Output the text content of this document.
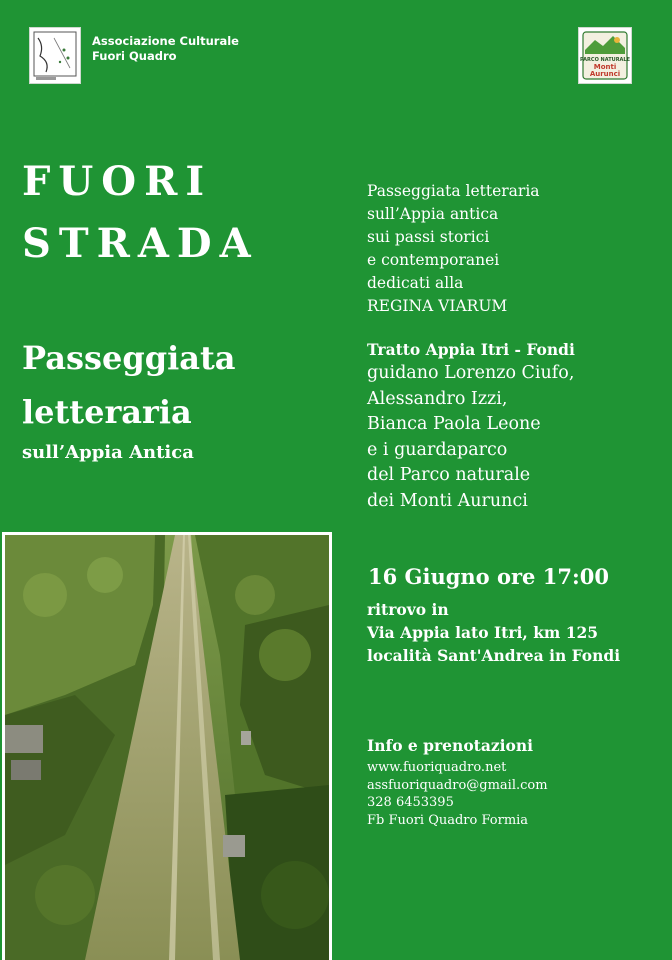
Associazione Culturale
Fuori Quadro	PARCO NATURALE
Monti
Aurunci
FUORI
STRADA
Passeggiata
letteraria
sull’Appia Antica
Passeggiata letteraria
sull’Appia antica
sui passi storici
e contemporanei
dedicati alla
REGINA VIARUM
Tratto Appia Itri - Fondi
guidano Lorenzo Ciufo,
Alessandro Izzi,
Bianca Paola Leone
e i guardaparco
del Parco naturale
dei Monti Aurunci
16 Giugno ore 17:00
ritrovo in
Via Appia lato Itri, km 125
località Sant'Andrea in Fondi
Info e prenotazioni
www.fuoriquadro.net
assfuoriquadro@gmail.com
328 6453395
Fb Fuori Quadro Formia
